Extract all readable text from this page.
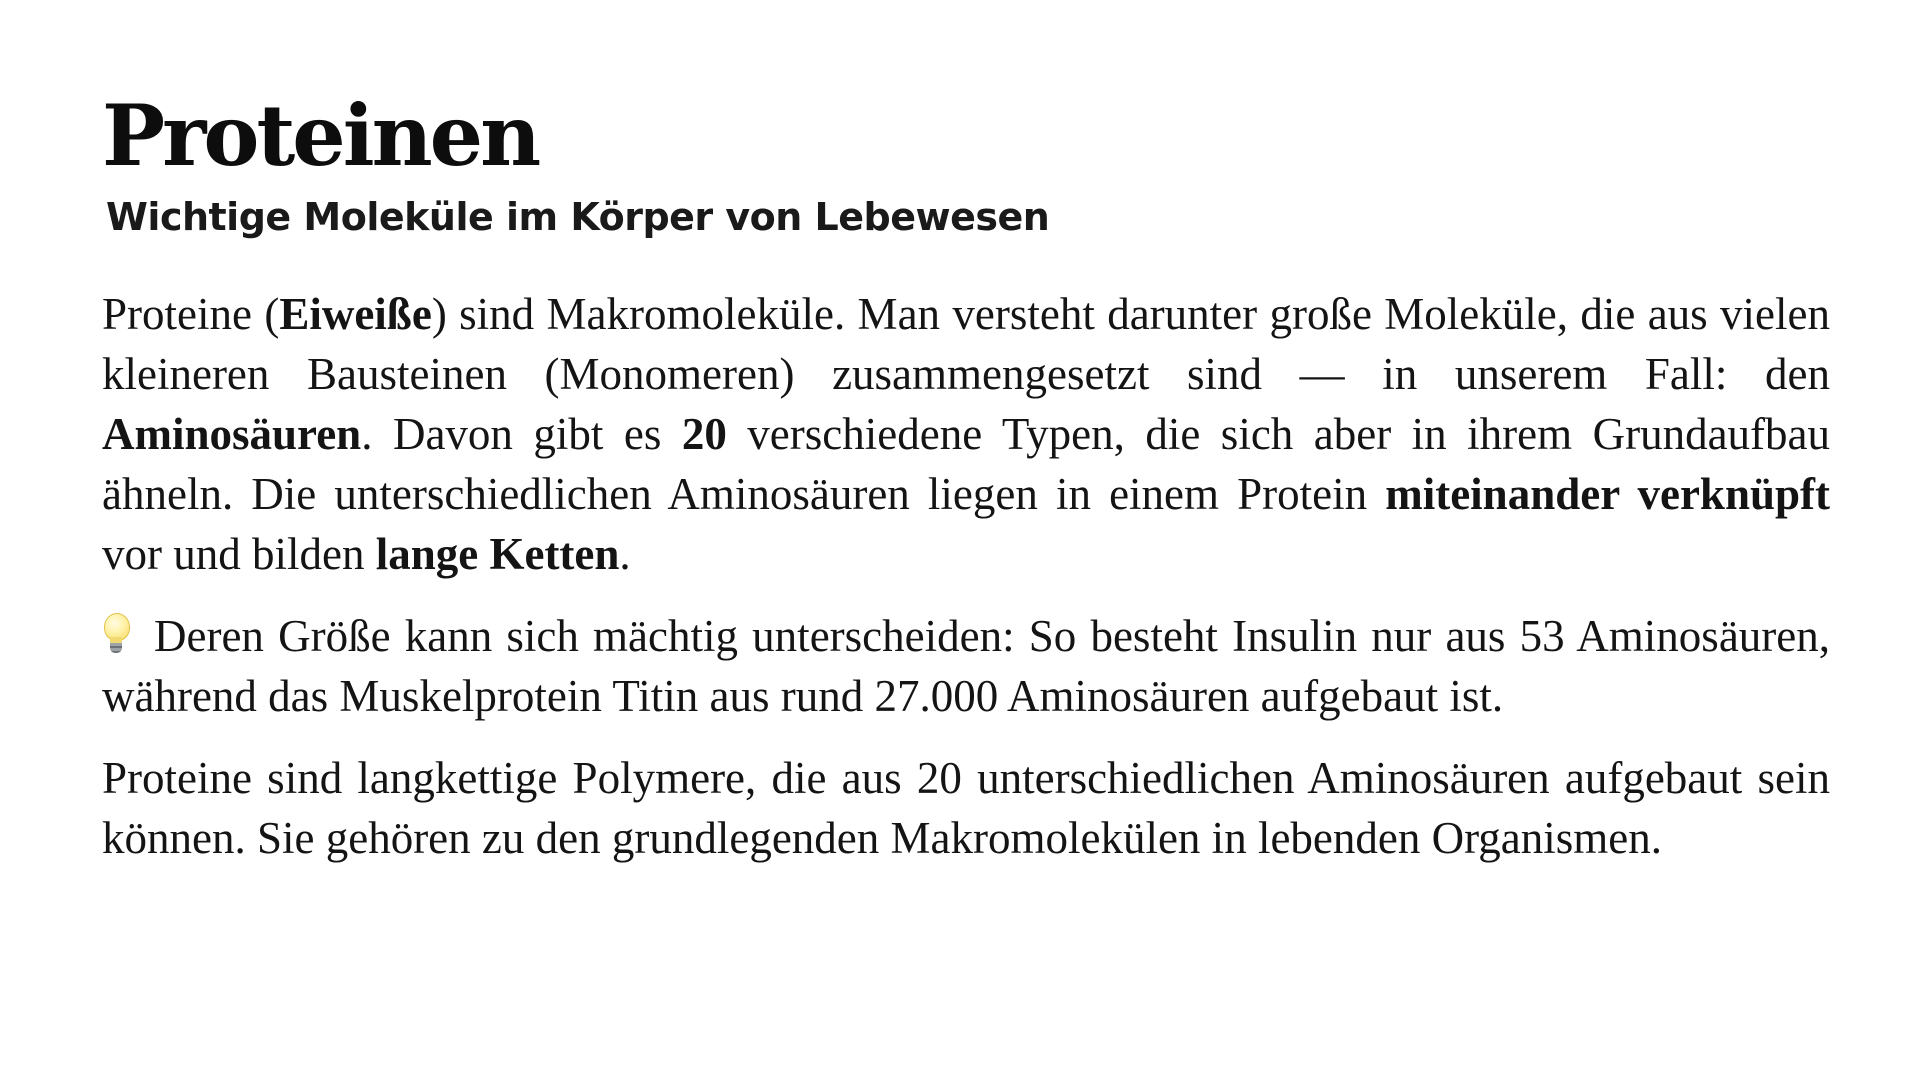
Proteinen
Wichtige Moleküle im Körper von Lebewesen

Proteine (Eiweiße) sind Makromoleküle. Man versteht darunter große Moleküle, die aus vielen kleineren Bausteinen (Monomeren) zusammengesetzt sind — in unserem Fall: den Aminosäuren. Davon gibt es 20 verschiedene Typen, die sich aber in ihrem Grundaufbau ähneln. Die unterschiedlichen Aminosäuren liegen in einem Protein miteinander verknüpft vor und bilden lange Ketten.

Deren Größe kann sich mächtig unterscheiden: So besteht Insulin nur aus 53 Aminosäuren, während das Muskelprotein Titin aus rund 27.000 Aminosäuren aufgebaut ist.

Proteine sind langkettige Polymere, die aus 20 unterschiedlichen Aminosäuren aufgebaut sein können. Sie gehören zu den grundlegenden Makromolekülen in lebenden Organismen.
